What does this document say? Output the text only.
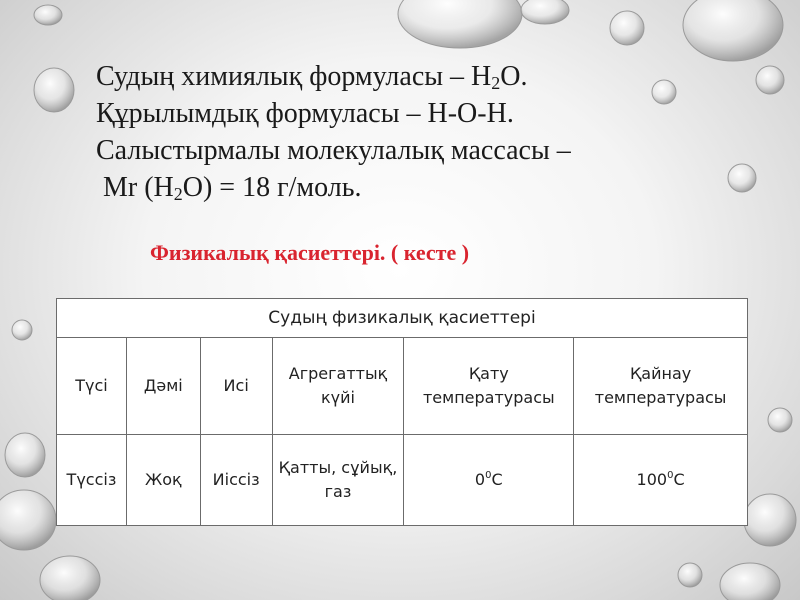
Судың химиялық формуласы – $Н_2О$.
Құрылымдық формуласы – Н-О-Н.
Салыстырмалы молекулалық массасы –
Mr $(Н_2О) = 18$ г/моль.
Физикалық қасиеттері. ( кесте )
Судың физикалық қасиеттері					
Түсі	Дәмі	Исі	Агрегаттық күйі	Қату температурасы	Қайнау температурасы
Түссіз	Жоқ	Иіссіз	Қатты, сұйық, газ	$0^0С$	$100^0С$
